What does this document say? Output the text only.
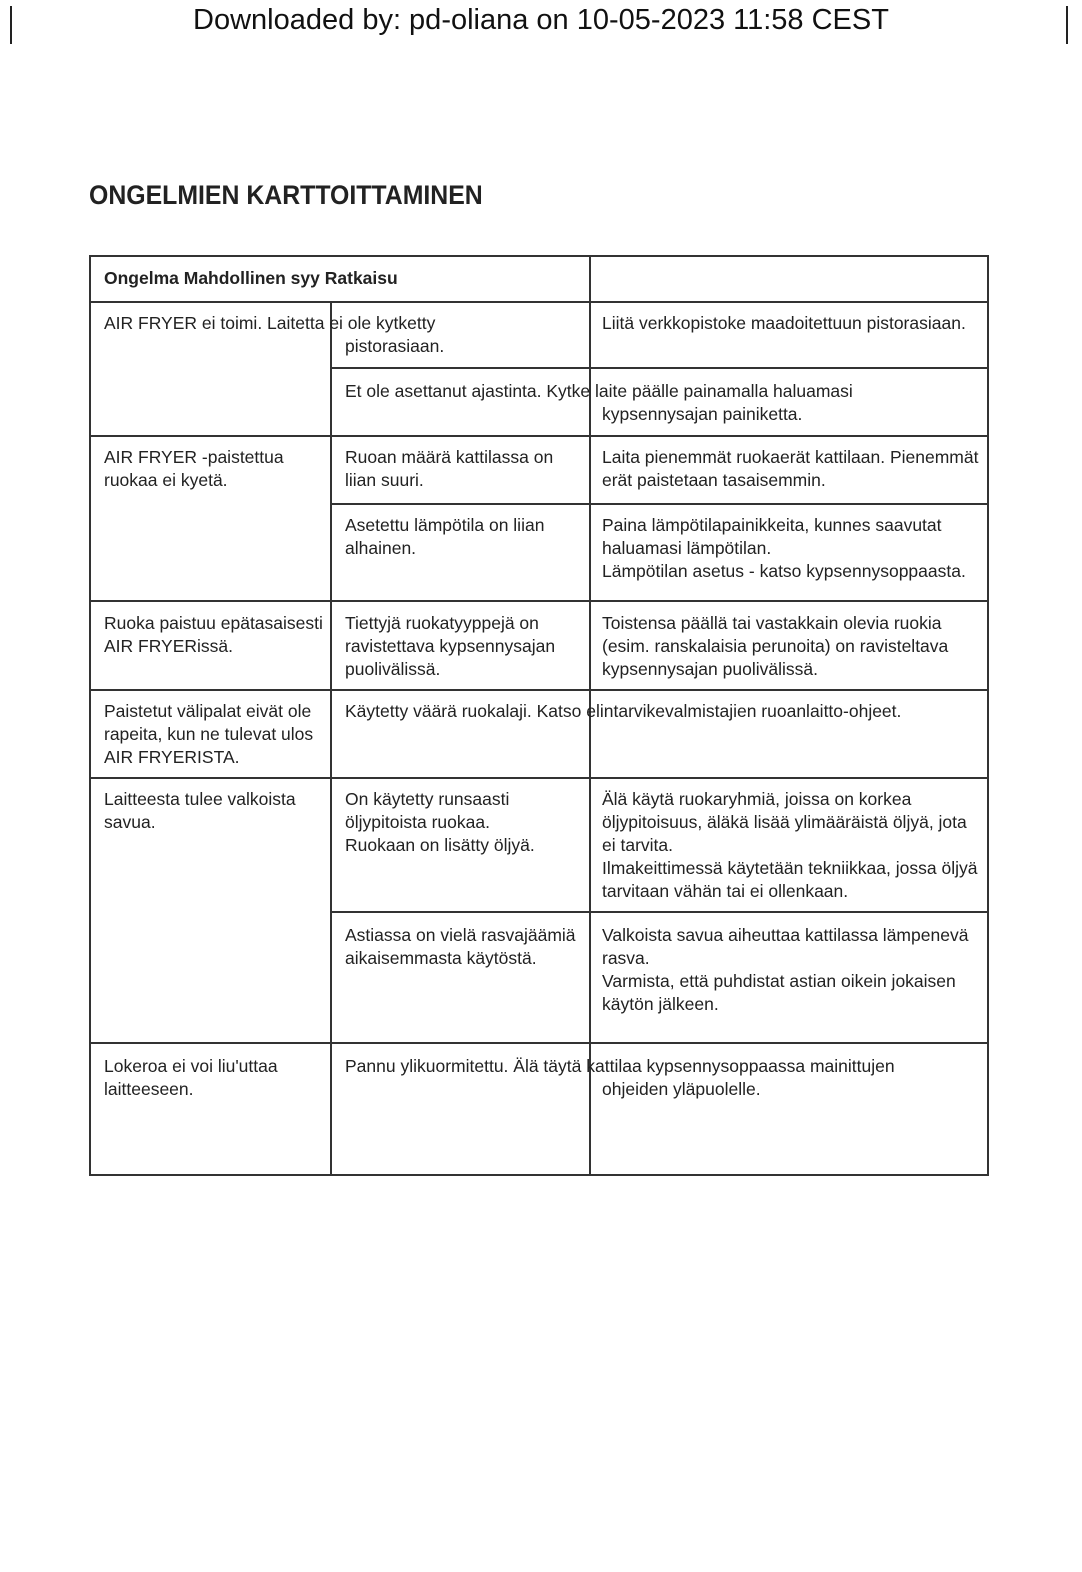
Downloaded by: pd-oliana on 10-05-2023 11:58 CEST
ONGELMIEN KARTTOITTAMINEN
Ongelma Mahdollinen syy Ratkaisu
AIR FRYER ei toimi. Laitetta ei ole kytketty
pistorasiaan.
Liitä verkkopistoke maadoitettuun pistorasiaan.
Et ole asettanut ajastinta. Kytke laite päälle painamalla haluamasi
kypsennysajan painiketta.
AIR FRYER -paistettua
ruokaa ei kyetä.
Ruoan määrä kattilassa on
liian suuri.
Laita pienemmät ruokaerät kattilaan. Pienemmät
erät paistetaan tasaisemmin.
Asetettu lämpötila on liian
alhainen.
Paina lämpötilapainikkeita, kunnes saavutat
haluamasi lämpötilan.
Lämpötilan asetus - katso kypsennysoppaasta.
Ruoka paistuu epätasaisesti
AIR FRYERissä.
Tiettyjä ruokatyyppejä on
ravistettava kypsennysajan
puolivälissä.
Toistensa päällä tai vastakkain olevia ruokia
(esim. ranskalaisia perunoita) on ravisteltava
kypsennysajan puolivälissä.
Paistetut välipalat eivät ole
rapeita, kun ne tulevat ulos
AIR FRYERISTA.
Käytetty väärä ruokalaji. Katso elintarvikevalmistajien ruoanlaitto-ohjeet.
Laitteesta tulee valkoista
savua.
On käytetty runsaasti
öljypitoista ruokaa.
Ruokaan on lisätty öljyä.
Älä käytä ruokaryhmiä, joissa on korkea
öljypitoisuus, äläkä lisää ylimääräistä öljyä, jota
ei tarvita.
Ilmakeittimessä käytetään tekniikkaa, jossa öljyä
tarvitaan vähän tai ei ollenkaan.
Astiassa on vielä rasvajäämiä
aikaisemmasta käytöstä.
Valkoista savua aiheuttaa kattilassa lämpenevä
rasva.
Varmista, että puhdistat astian oikein jokaisen
käytön jälkeen.
Lokeroa ei voi liu'uttaa
laitteeseen.
Pannu ylikuormitettu. Älä täytä kattilaa kypsennysoppaassa mainittujen
ohjeiden yläpuolelle.
